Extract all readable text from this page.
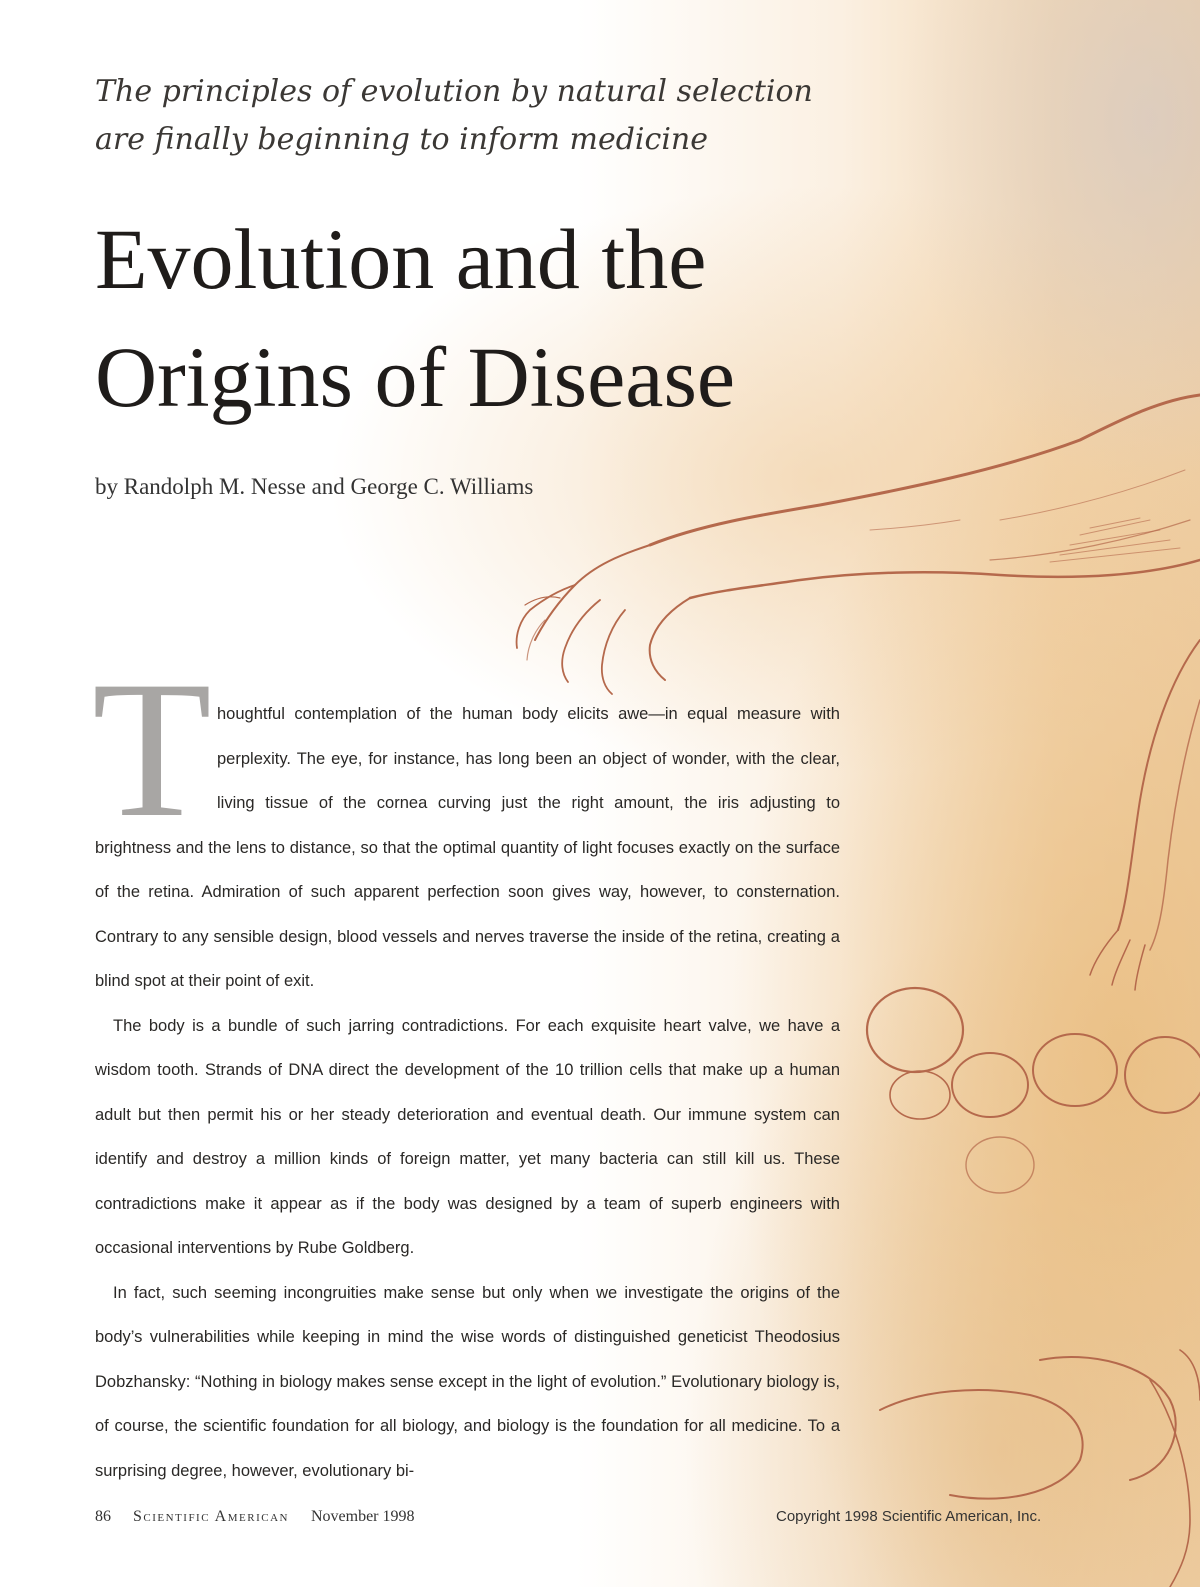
The principles of evolution by natural selection
are finally beginning to inform medicine
Evolution and the
Origins of Disease
by Randolph M. Nesse and George C. Williams
T houghtful contemplation of the human body elicits awe—in equal measure with perplexity. The eye, for instance, has long been an object of wonder, with the clear, living tissue of the cornea curving just the right amount, the iris adjusting to brightness and the lens to distance, so that the optimal quantity of light focuses exactly on the surface of the retina. Admiration of such apparent perfection soon gives way, however, to consternation. Contrary to any sensible design, blood vessels and nerves traverse the inside of the retina, creating a blind spot at their point of exit.

The body is a bundle of such jarring contradictions. For each exquisite heart valve, we have a wisdom tooth. Strands of DNA direct the development of the 10 trillion cells that make up a human adult but then permit his or her steady deterioration and eventual death. Our immune system can identify and destroy a million kinds of foreign matter, yet many bacteria can still kill us. These contradictions make it appear as if the body was designed by a team of superb engineers with occasional interventions by Rube Goldberg.

In fact, such seeming incongruities make sense but only when we investigate the origins of the body’s vulnerabilities while keeping in mind the wise words of distinguished geneticist Theodosius Dobzhansky: “Nothing in biology makes sense except in the light of evolution.” Evolutionary biology is, of course, the scientific foundation for all biology, and biology is the foundation for all medicine. To a surprising degree, however, evolutionary bi-

86 Scientific American November 1998	Copyright 1998 Scientific American, Inc.
